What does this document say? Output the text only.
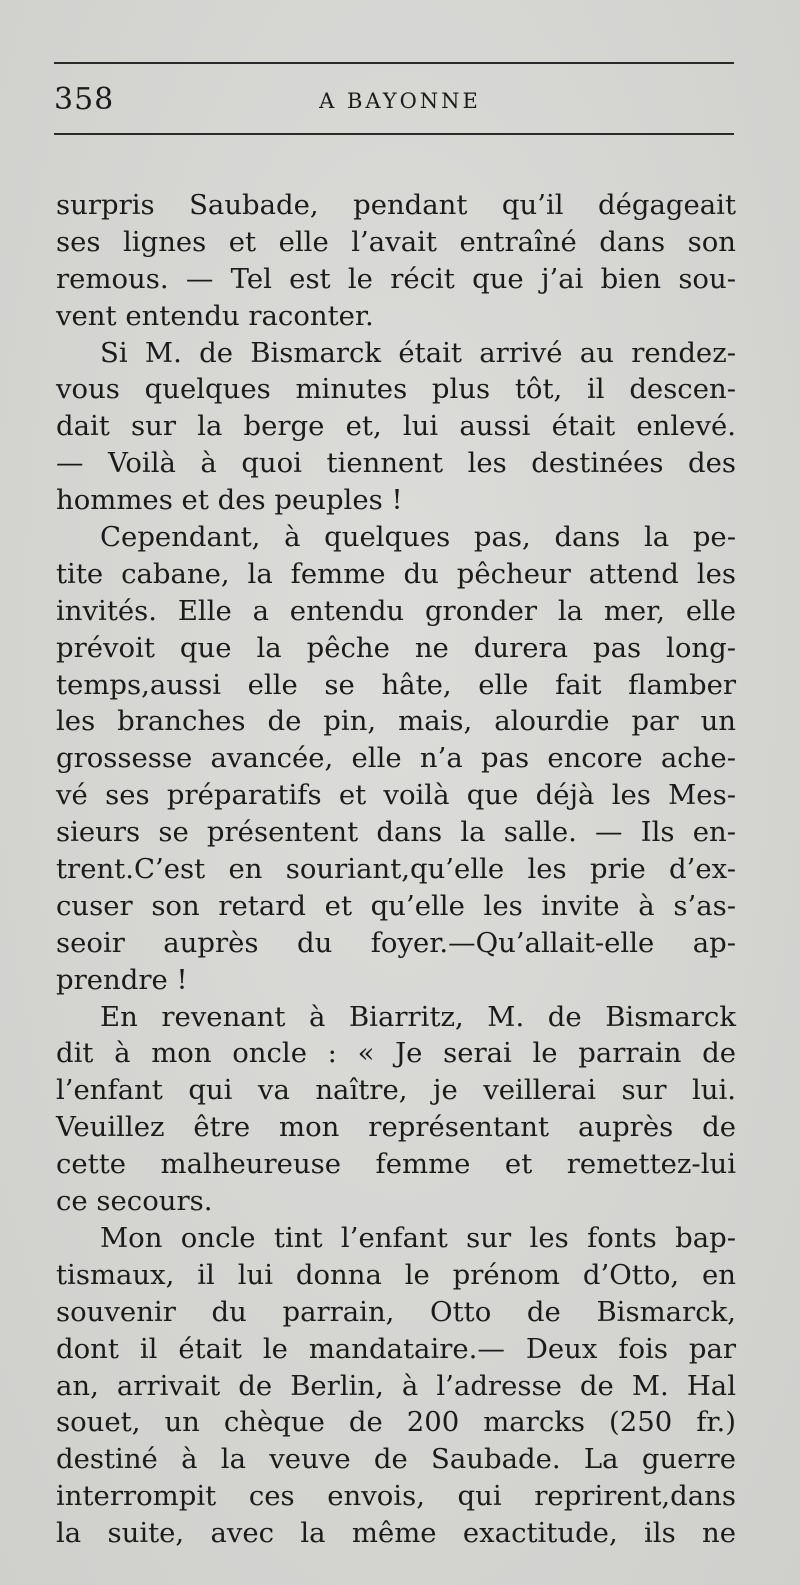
358	A BAYONNE
surpris Saubade, pendant qu’il dégageait
ses lignes et elle l’avait entraîné dans son
remous. — Tel est le récit que j’ai bien sou-
vent entendu raconter.
Si M. de Bismarck était arrivé au rendez-
vous quelques minutes plus tôt, il descen-
dait sur la berge et, lui aussi était enlevé.
— Voilà à quoi tiennent les destinées des
hommes et des peuples !
Cependant, à quelques pas, dans la pe-
tite cabane, la femme du pêcheur attend les
invités. Elle a entendu gronder la mer, elle
prévoit que la pêche ne durera pas long-
temps,aussi elle se hâte, elle fait flamber
les branches de pin, mais, alourdie par un
grossesse avancée, elle n’a pas encore ache-
vé ses préparatifs et voilà que déjà les Mes-
sieurs se présentent dans la salle. — Ils en-
trent.C’est en souriant,qu’elle les prie d’ex-
cuser son retard et qu’elle les invite à s’as-
seoir auprès du foyer.—Qu’allait-elle ap-
prendre !
En revenant à Biarritz, M. de Bismarck
dit à mon oncle : « Je serai le parrain de
l’enfant qui va naître, je veillerai sur lui.
Veuillez être mon représentant auprès de
cette malheureuse femme et remettez-lui
ce secours.
Mon oncle tint l’enfant sur les fonts bap-
tismaux, il lui donna le prénom d’Otto, en
souvenir du parrain, Otto de Bismarck,
dont il était le mandataire.— Deux fois par
an, arrivait de Berlin, à l’adresse de M. Hal
souet, un chèque de 200 marcks (250 fr.)
destiné à la veuve de Saubade. La guerre
interrompit ces envois, qui reprirent,dans
la suite, avec la même exactitude, ils ne
